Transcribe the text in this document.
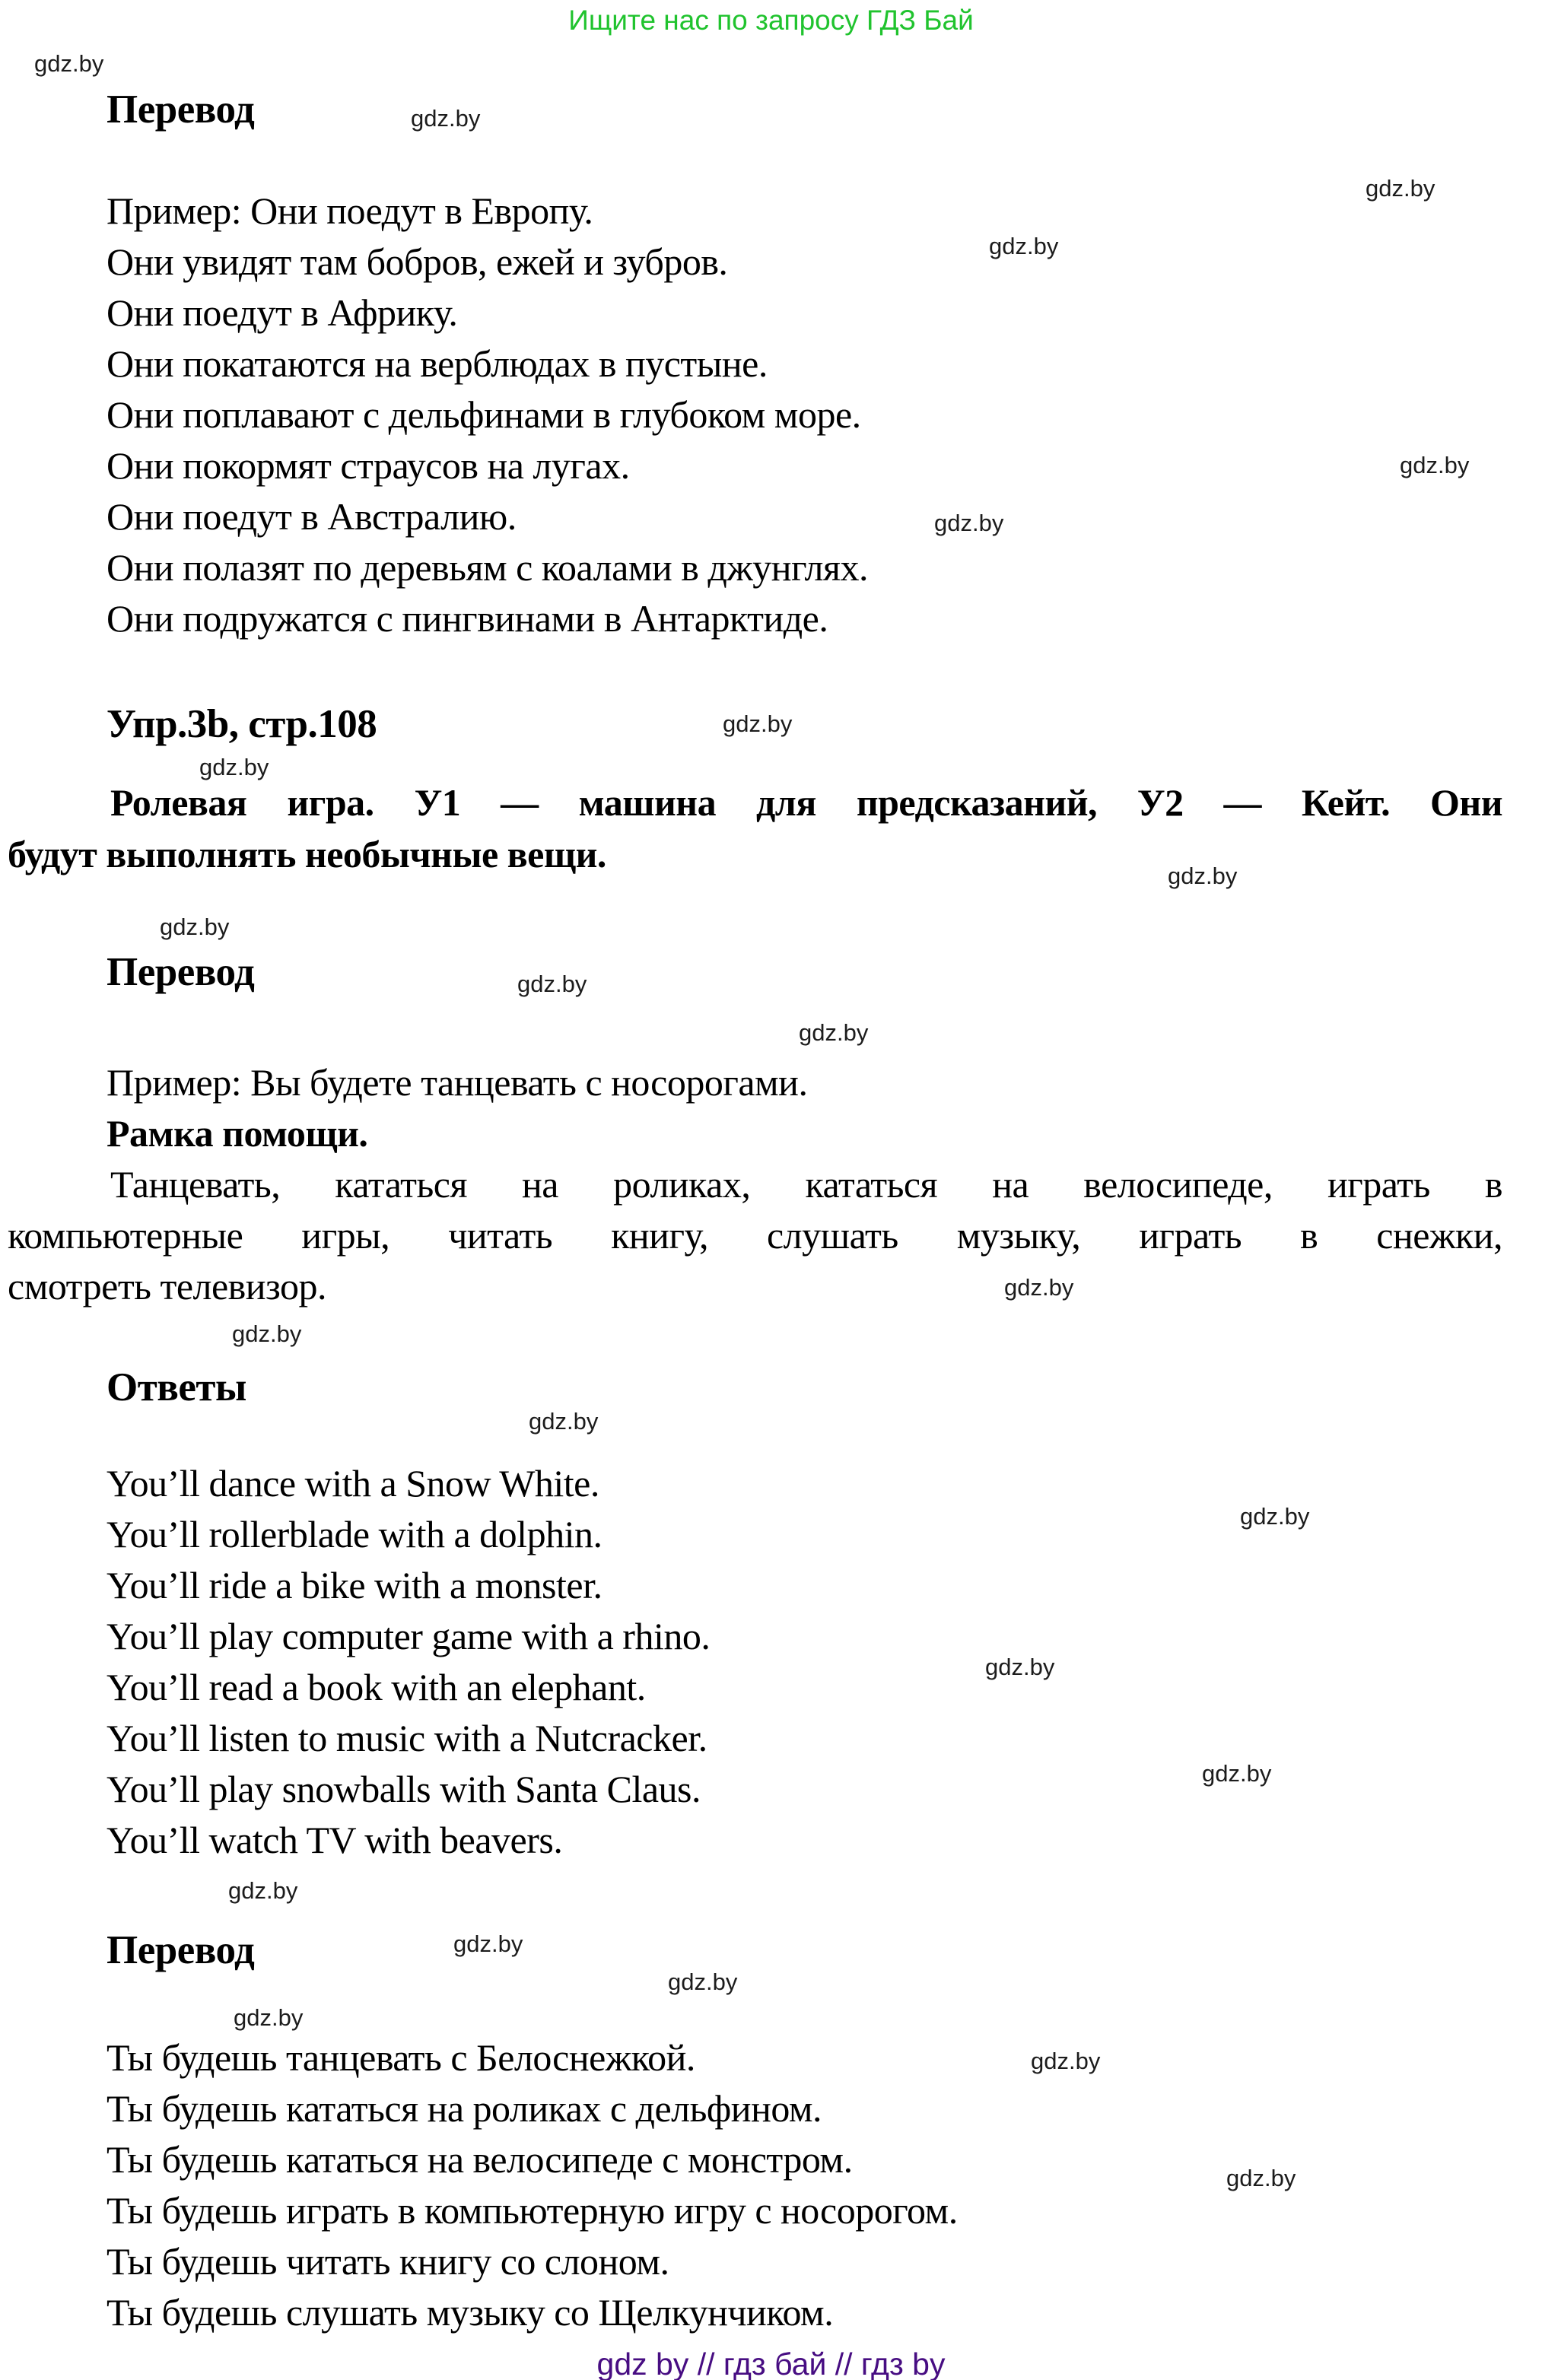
Ищите нас по запросу ГДЗ Бай
gdz.by
gdz.by
gdz.by
gdz.by
gdz.by
gdz.by
gdz.by
gdz.by
gdz.by
gdz.by
gdz.by
gdz.by
gdz.by
gdz.by
gdz.by
gdz.by
gdz.by
gdz.by
gdz.by
gdz.by
gdz.by
gdz.by
gdz.by
gdz.by
Перевод
Пример: Они поедут в Европу.
Они увидят там бобров, ежей и зубров.
Они поедут в Африку.
Они покатаются на верблюдах в пустыне.
Они поплавают с дельфинами в глубоком море.
Они покормят страусов на лугах.
Они поедут в Австралию.
Они полазят по деревьям с коалами в джунглях.
Они подружатся с пингвинами в Антарктиде.
Упр.3b, стр.108
Ролевая игра. У1 — машина для предсказаний, У2 — Кейт. Они
будут выполнять необычные вещи.
Перевод
Пример: Вы будете танцевать с носорогами.
Рамка помощи.
Танцевать, кататься на роликах, кататься на велосипеде, играть в
компьютерные игры, читать книгу, слушать музыку, играть в снежки,
смотреть телевизор.
Ответы
You’ll dance with a Snow White.
You’ll rollerblade with a dolphin.
You’ll ride a bike with a monster.
You’ll play computer game with a rhino.
You’ll read a book with an elephant.
You’ll listen to music with a Nutcracker.
You’ll play snowballs with Santa Claus.
You’ll watch TV with beavers.
Перевод
Ты будешь танцевать с Белоснежкой.
Ты будешь кататься на роликах с дельфином.
Ты будешь кататься на велосипеде с монстром.
Ты будешь играть в компьютерную игру с носорогом.
Ты будешь читать книгу со слоном.
Ты будешь слушать музыку со Щелкунчиком.
gdz by // гдз бай // гдз by
